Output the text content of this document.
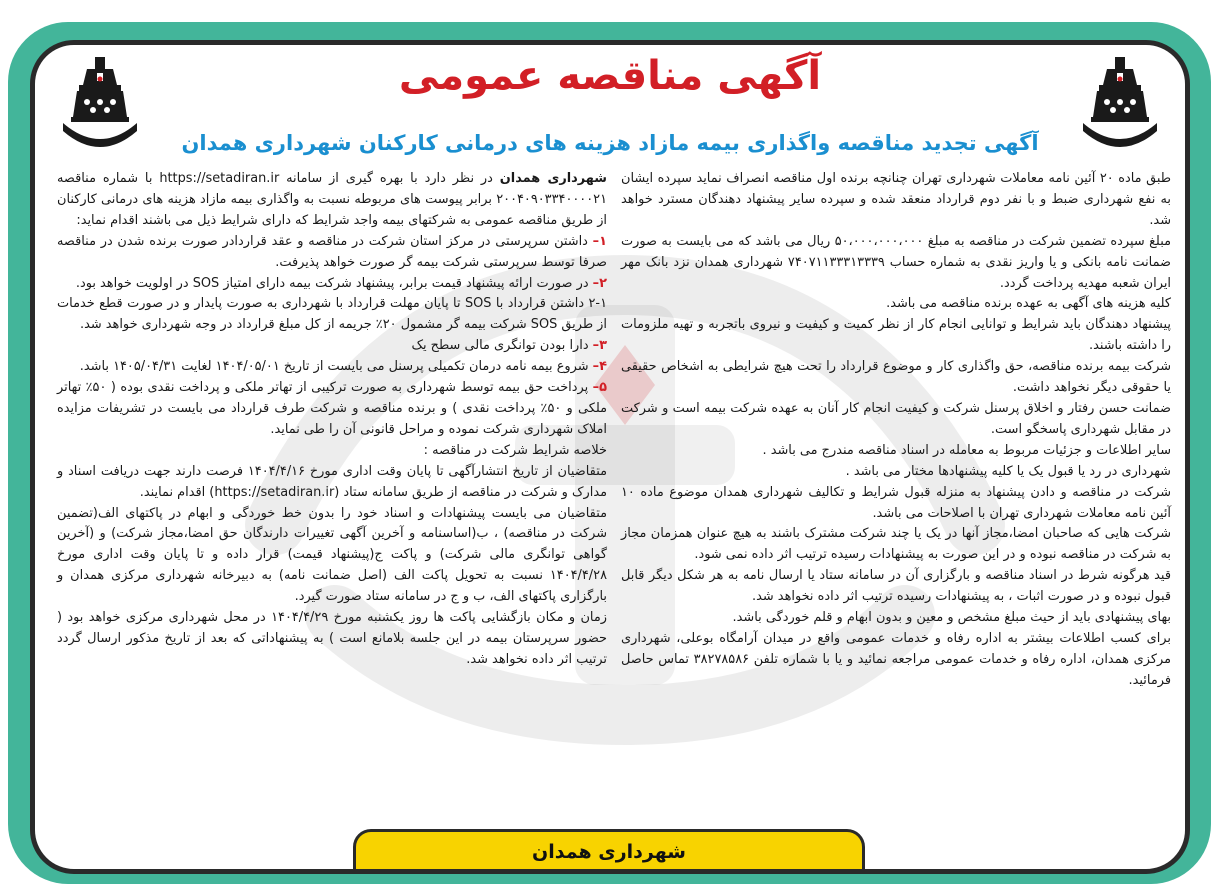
آگهی مناقصه عمومی
آگهی تجدید مناقصه واگذاری بیمه مازاد هزینه های درمانی کارکنان شهرداری همدان

شهرداری همدان در نظر دارد با بهره گیری از سامانه https://setadiran.ir با شماره مناقصه ۲۰۰۴۰۹۰۳۳۴۰۰۰۰۲۱ برابر پیوست های مربوطه نسبت به واگذاری بیمه مازاد هزینه های درمانی کارکنان از طریق مناقصه عمومی به شرکتهای بیمه واجد شرایط که دارای شرایط ذیل می باشند اقدام نماید:

۱– داشتن سرپرستی در مرکز استان شرکت در مناقصه و عقد قراردادر صورت برنده شدن در مناقصه صرفا توسط سرپرستی شرکت بیمه گر صورت خواهد پذیرفت.

۲– در صورت ارائه پیشنهاد قیمت برابر، پیشنهاد شرکت بیمه دارای امتیاز SOS در اولویت خواهد بود.

۲-۱ داشتن قرارداد با SOS تا پایان مهلت قرارداد با شهرداری به صورت پایدار و در صورت قطع خدمات از طریق SOS شرکت بیمه گر مشمول ۲۰٪ جریمه از کل مبلغ قرارداد در وجه شهرداری خواهد شد.

۳– دارا بودن توانگری مالی سطح یک

۴– شروع بیمه نامه درمان تکمیلی پرسنل می بایست از تاریخ ۱۴۰۴/۰۵/۰۱ لغایت ۱۴۰۵/۰۴/۳۱ باشد.

۵– پرداخت حق بیمه توسط شهرداری به صورت ترکیبی از تهاتر ملکی و پرداخت نقدی بوده ( ۵۰٪ تهاتر ملکی و ۵۰٪ پرداخت نقدی ) و برنده مناقصه و شرکت طرف قرارداد می بایست در تشریفات مزایده املاک شهرداری شرکت نموده و مراحل قانونی آن را طی نماید.

خلاصه شرایط شرکت در مناقصه :

متقاضیان از تاریخ انتشارآگهی تا پایان وقت اداری مورخ ۱۴۰۴/۴/۱۶ فرصت دارند جهت دریافت اسناد و مدارک و شرکت در مناقصه از طریق سامانه ستاد (https://setadiran.ir) اقدام نمایند.

متقاضیان می بایست پیشنهادات و اسناد خود را بدون خط خوردگی و ابهام در پاکتهای الف(تضمین شرکت در مناقصه) ، ب(اساسنامه و آخرین آگهی تغییرات دارندگان حق امضا،مجاز شرکت) و (آخرین گواهی توانگری مالی شرکت) و پاکت ج(پیشنهاد قیمت) قرار داده و تا پایان وقت اداری مورخ ۱۴۰۴/۴/۲۸ نسبت به تحویل پاکت الف (اصل ضمانت نامه) به دبیرخانه شهرداری مرکزی همدان و بارگزاری پاکتهای الف، ب و ج در سامانه ستاد صورت گیرد.

زمان و مکان بازگشایی پاکت ها روز یکشنبه مورخ ۱۴۰۴/۴/۲۹ در محل شهرداری مرکزی خواهد بود ( حضور سرپرستان بیمه در این جلسه بلامانع است ) به پیشنهاداتی که بعد از تاریخ مذکور ارسال گردد ترتیب اثر داده نخواهد شد.

طبق ماده ۲۰ آئین نامه معاملات شهرداری تهران چنانچه برنده اول مناقصه انصراف نماید سپرده ایشان به نفع شهرداری ضبط و با نفر دوم قرارداد منعقد شده و سپرده سایر پیشنهاد دهندگان مسترد خواهد شد.

مبلغ سپرده تضمین شرکت در مناقصه به مبلغ ۵۰،۰۰۰،۰۰۰،۰۰۰ ریال می باشد که می بایست به صورت ضمانت نامه بانکی و یا واریز نقدی به شماره حساب ۷۴۰۷۱۱۳۳۳۱۳۳۳۹ شهرداری همدان نزد بانک مهر ایران شعبه مهدیه پرداخت گردد.

کلیه هزینه های آگهی به عهده برنده مناقصه می باشد.

پیشنهاد دهندگان باید شرایط و توانایی انجام کار از نظر کمیت و کیفیت و نیروی باتجربه و تهیه ملزومات را داشته باشند.

شرکت بیمه برنده مناقصه، حق واگذاری کار و موضوع قرارداد را تحت هیچ شرایطی به اشخاص حقیقی یا حقوقی دیگر نخواهد داشت.

ضمانت حسن رفتار و اخلاق پرسنل شرکت و کیفیت انجام کار آنان به عهده شرکت بیمه است و شرکت در مقابل شهرداری پاسخگو است.

سایر اطلاعات و جزئیات مربوط به معامله در اسناد مناقصه مندرج می باشد .

شهرداری در رد یا قبول یک یا کلیه پیشنهادها مختار می باشد .

شرکت در مناقصه و دادن پیشنهاد به منزله قبول شرایط و تکالیف شهرداری همدان موضوع ماده ۱۰ آئین نامه معاملات شهرداری تهران با اصلاحات می باشد.

شرکت هایی که صاحبان امضا،مجاز آنها در یک یا چند شرکت مشترک باشند به هیچ عنوان همزمان مجاز به شرکت در مناقصه نبوده و در این صورت به پیشنهادات رسیده ترتیب اثر داده نمی شود.

قید هرگونه شرط در اسناد مناقصه و بارگزاری آن در سامانه ستاد یا ارسال نامه به هر شکل دیگر قابل قبول نبوده و در صورت اثبات ، به پیشنهادات رسیده ترتیب اثر داده نخواهد شد.

بهای پیشنهادی باید از حیث مبلغ مشخص و معین و بدون ابهام و قلم خوردگی باشد.

برای کسب اطلاعات بیشتر به اداره رفاه و خدمات عمومی واقع در میدان آرامگاه بوعلی، شهرداری مرکزی همدان، اداره رفاه و خدمات عمومی مراجعه نمائید و یا با شماره تلفن ۳۸۲۷۸۵۸۶ تماس حاصل فرمائید.

شهرداری همدان
